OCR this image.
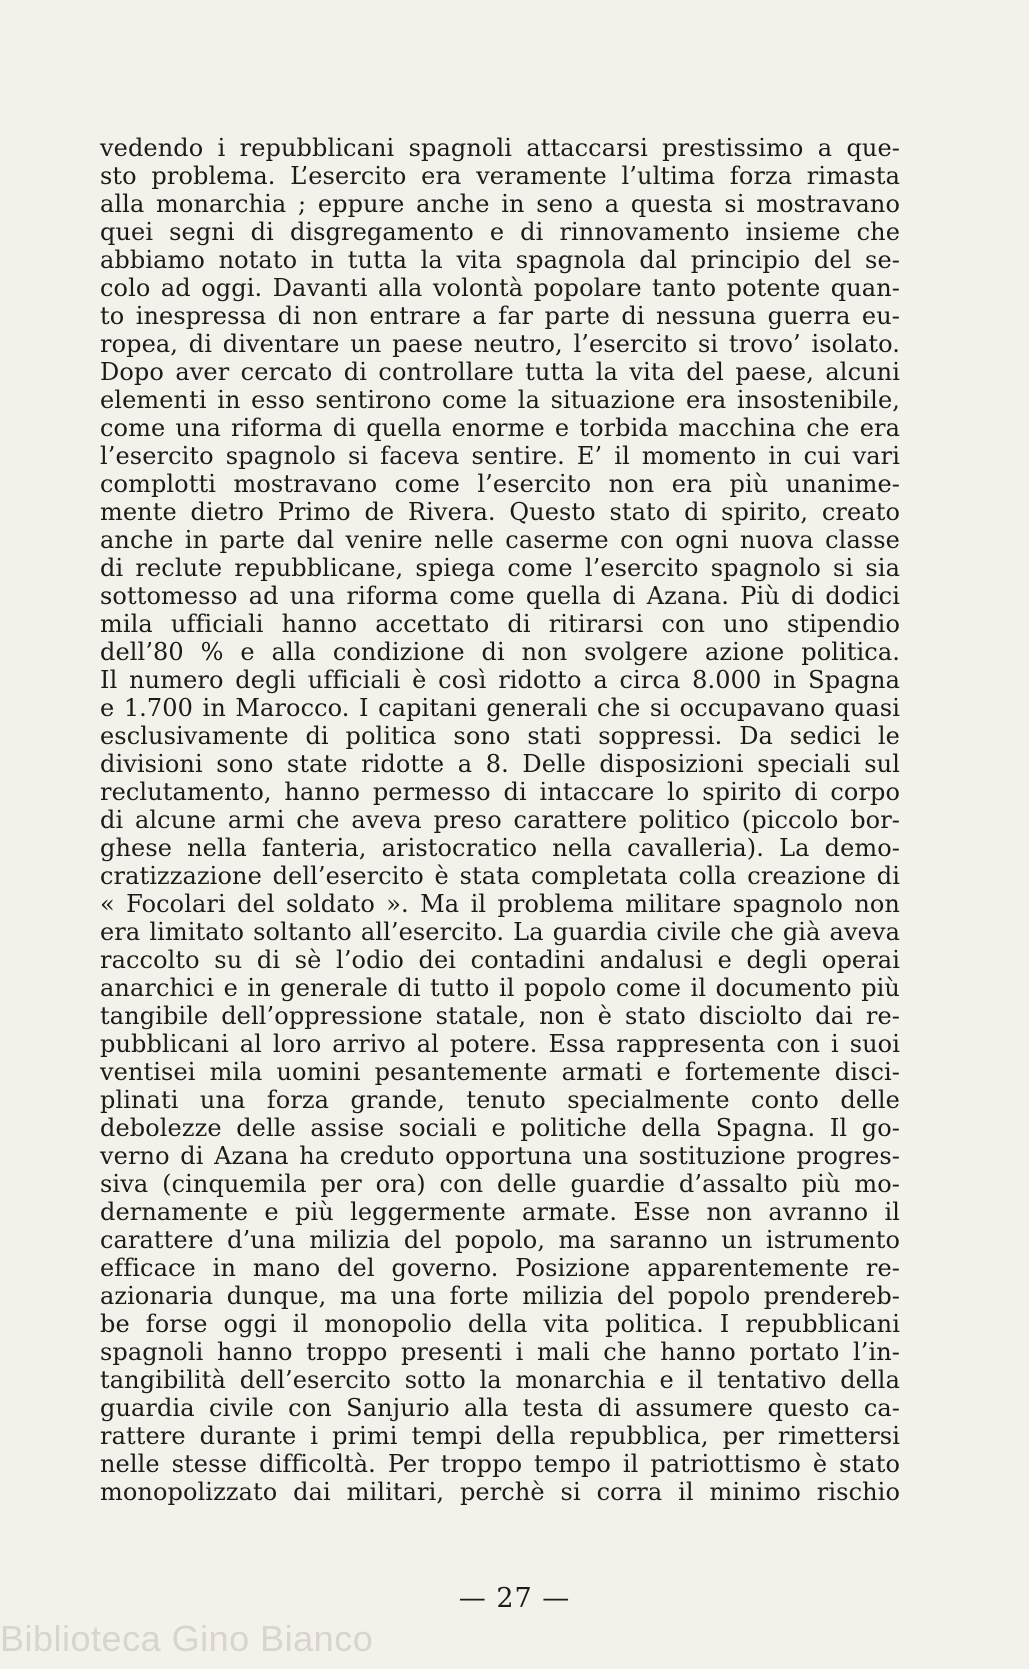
vedendo i repubblicani spagnoli attaccarsi prestissimo a que-
sto problema. L’esercito era veramente l’ultima forza rimasta
alla monarchia ; eppure anche in seno a questa si mostravano
quei segni di disgregamento e di rinnovamento insieme che
abbiamo notato in tutta la vita spagnola dal principio del se-
colo ad oggi. Davanti alla volontà popolare tanto potente quan-
to inespressa di non entrare a far parte di nessuna guerra eu-
ropea, di diventare un paese neutro, l’esercito si trovo’ isolato.
Dopo aver cercato di controllare tutta la vita del paese, alcuni
elementi in esso sentirono come la situazione era insostenibile,
come una riforma di quella enorme e torbida macchina che era
l’esercito spagnolo si faceva sentire. E’ il momento in cui vari
complotti mostravano come l’esercito non era più unanime-
mente dietro Primo de Rivera. Questo stato di spirito, creato
anche in parte dal venire nelle caserme con ogni nuova classe
di reclute repubblicane, spiega come l’esercito spagnolo si sia
sottomesso ad una riforma come quella di Azana. Più di dodici
mila ufficiali hanno accettato di ritirarsi con uno stipendio
dell’80 % e alla condizione di non svolgere azione politica.
Il numero degli ufficiali è così ridotto a circa 8.000 in Spagna
e 1.700 in Marocco. I capitani generali che si occupavano quasi
esclusivamente di politica sono stati soppressi. Da sedici le
divisioni sono state ridotte a 8. Delle disposizioni speciali sul
reclutamento, hanno permesso di intaccare lo spirito di corpo
di alcune armi che aveva preso carattere politico (piccolo bor-
ghese nella fanteria, aristocratico nella cavalleria). La demo-
cratizzazione dell’esercito è stata completata colla creazione di
« Focolari del soldato ». Ma il problema militare spagnolo non
era limitato soltanto all’esercito. La guardia civile che già aveva
raccolto su di sè l’odio dei contadini andalusi e degli operai
anarchici e in generale di tutto il popolo come il documento più
tangibile dell’oppressione statale, non è stato disciolto dai re-
pubblicani al loro arrivo al potere. Essa rappresenta con i suoi
ventisei mila uomini pesantemente armati e fortemente disci-
plinati una forza grande, tenuto specialmente conto delle
debolezze delle assise sociali e politiche della Spagna. Il go-
verno di Azana ha creduto opportuna una sostituzione progres-
siva (cinquemila per ora) con delle guardie d’assalto più mo-
dernamente e più leggermente armate. Esse non avranno il
carattere d’una milizia del popolo, ma saranno un istrumento
efficace in mano del governo. Posizione apparentemente re-
azionaria dunque, ma una forte milizia del popolo prendereb-
be forse oggi il monopolio della vita politica. I repubblicani
spagnoli hanno troppo presenti i mali che hanno portato l’in-
tangibilità dell’esercito sotto la monarchia e il tentativo della
guardia civile con Sanjurio alla testa di assumere questo ca-
rattere durante i primi tempi della repubblica, per rimettersi
nelle stesse difficoltà. Per troppo tempo il patriottismo è stato
monopolizzato dai militari, perchè si corra il minimo rischio
— 27 —
Biblioteca Gino Bianco
